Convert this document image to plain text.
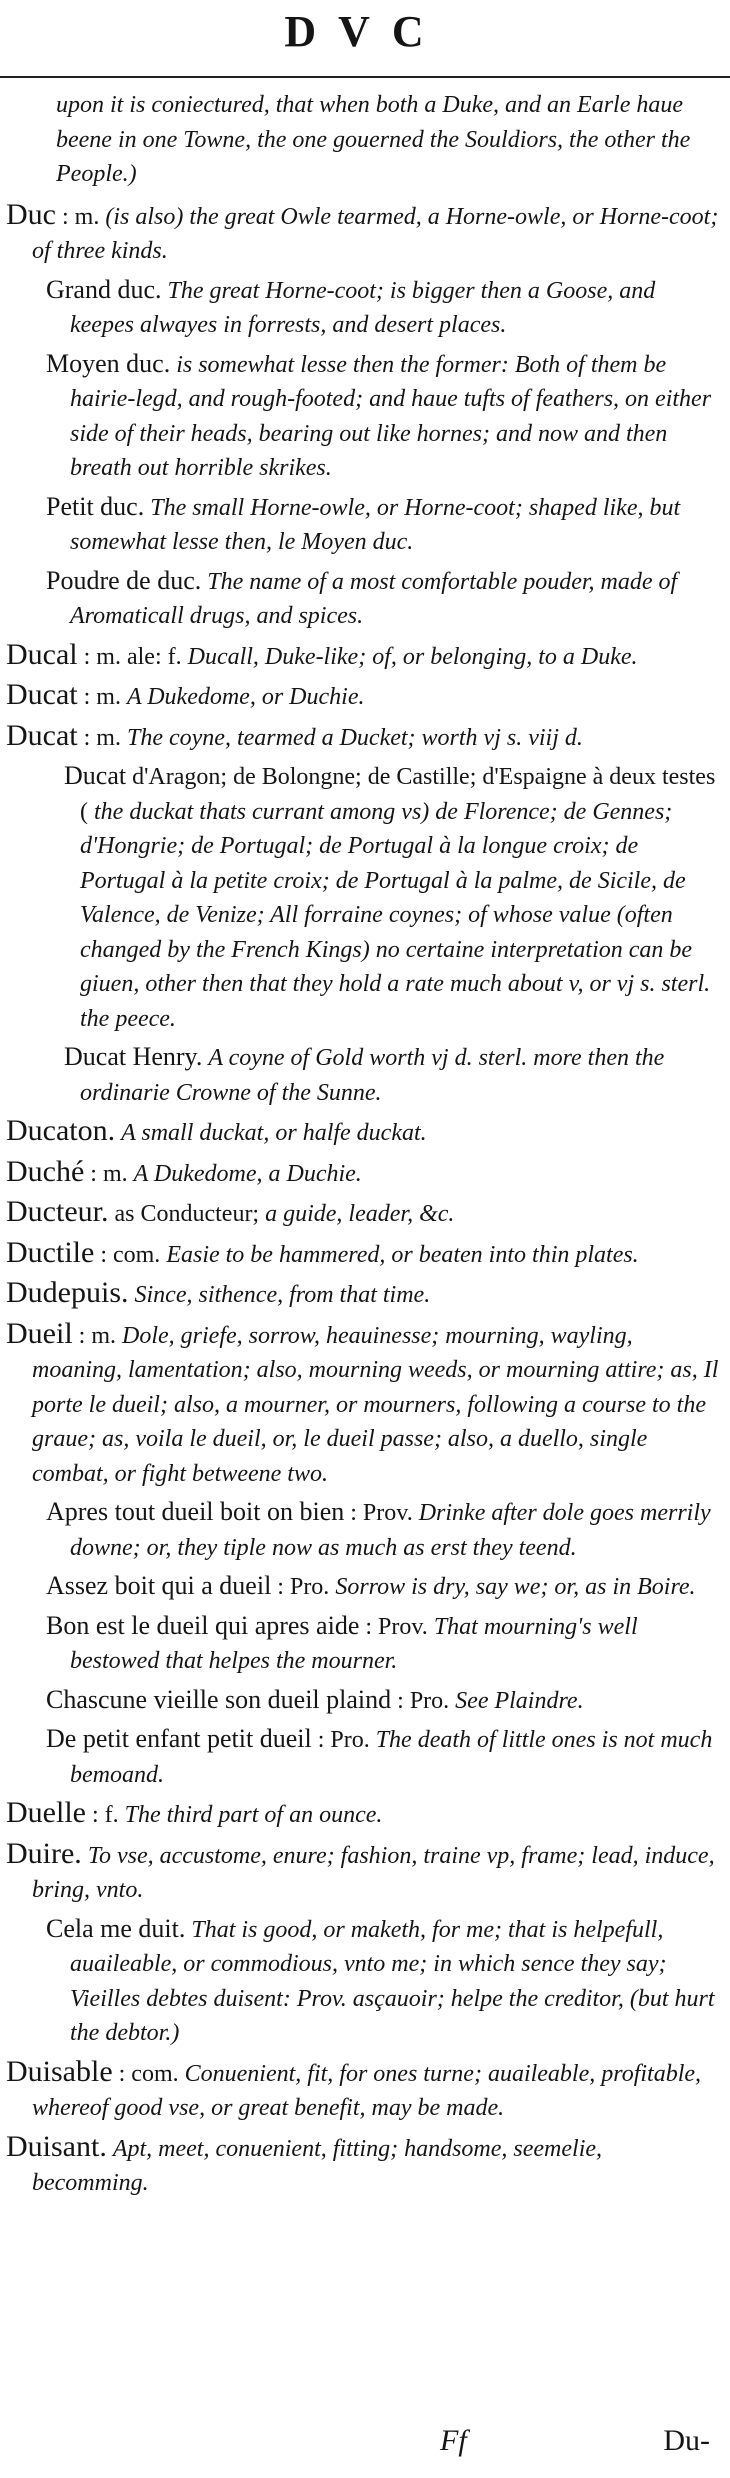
DVC

upon it is coniectured, that when both a Duke, and an Earle haue beene in one Towne, the one gouerned the Souldiors, the other the People.)

Duc : m. (is also) the great Owle tearmed, a Horne-owle, or Horne-coot; of three kinds.

Grand duc. The great Horne-coot; is bigger then a Goose, and keepes alwayes in forrests, and desert places.

Moyen duc. is somewhat lesse then the former: Both of them be hairie-legd, and rough-footed; and haue tufts of feathers, on either side of their heads, bearing out like hornes; and now and then breath out horrible skrikes.

Petit duc. The small Horne-owle, or Horne-coot; shaped like, but somewhat lesse then, le Moyen duc.

Poudre de duc. The name of a most comfortable pouder, made of Aromaticall drugs, and spices.

Ducal : m. ale: f. Ducall, Duke-like; of, or belonging, to a Duke.

Ducat : m. A Dukedome, or Duchie.

Ducat : m. The coyne, tearmed a Ducket; worth vj s. viij d.

Ducat d'Aragon; de Bolongne; de Castille; d'Espaigne à deux testes ( the duckat thats currant among vs) de Florence; de Gennes; d'Hongrie; de Portugal; de Portugal à la longue croix; de Portugal à la petite croix; de Portugal à la palme, de Sicile, de Valence, de Venize; All forraine coynes; of whose value (often changed by the French Kings) no certaine interpretation can be giuen, other then that they hold a rate much about v, or vj s. sterl. the peece.

Ducat Henry. A coyne of Gold worth vj d. sterl. more then the ordinarie Crowne of the Sunne.

Ducaton. A small duckat, or halfe duckat.

Duché : m. A Dukedome, a Duchie.

Ducteur. as Conducteur; a guide, leader, &c.

Ductile : com. Easie to be hammered, or beaten into thin plates.

Dudepuis. Since, sithence, from that time.

Dueil : m. Dole, griefe, sorrow, heauinesse; mourning, wayling, moaning, lamentation; also, mourning weeds, or mourning attire; as, Il porte le dueil; also, a mourner, or mourners, following a course to the graue; as, voila le dueil, or, le dueil passe; also, a duello, single combat, or fight betweene two.

Apres tout dueil boit on bien : Prov. Drinke after dole goes merrily downe; or, they tiple now as much as erst they teend.

Assez boit qui a dueil : Pro. Sorrow is dry, say we; or, as in Boire.

Bon est le dueil qui apres aide : Prov. That mourning's well bestowed that helpes the mourner.

Chascune vieille son dueil plaind : Pro. See Plaindre.

De petit enfant petit dueil : Pro. The death of little ones is not much bemoand.

Duelle : f. The third part of an ounce.

Duire. To vse, accustome, enure; fashion, traine vp, frame; lead, induce, bring, vnto.

Cela me duit. That is good, or maketh, for me; that is helpefull, auaileable, or commodious, vnto me; in which sence they say; Vieilles debtes duisent: Prov. asçauoir; helpe the creditor, (but hurt the debtor.)

Duisable : com. Conuenient, fit, for ones turne; auaileable, profitable, whereof good vse, or great benefit, may be made.

Duisant. Apt, meet, conuenient, fitting; handsome, seemelie, becomming.

Ff	Du-
